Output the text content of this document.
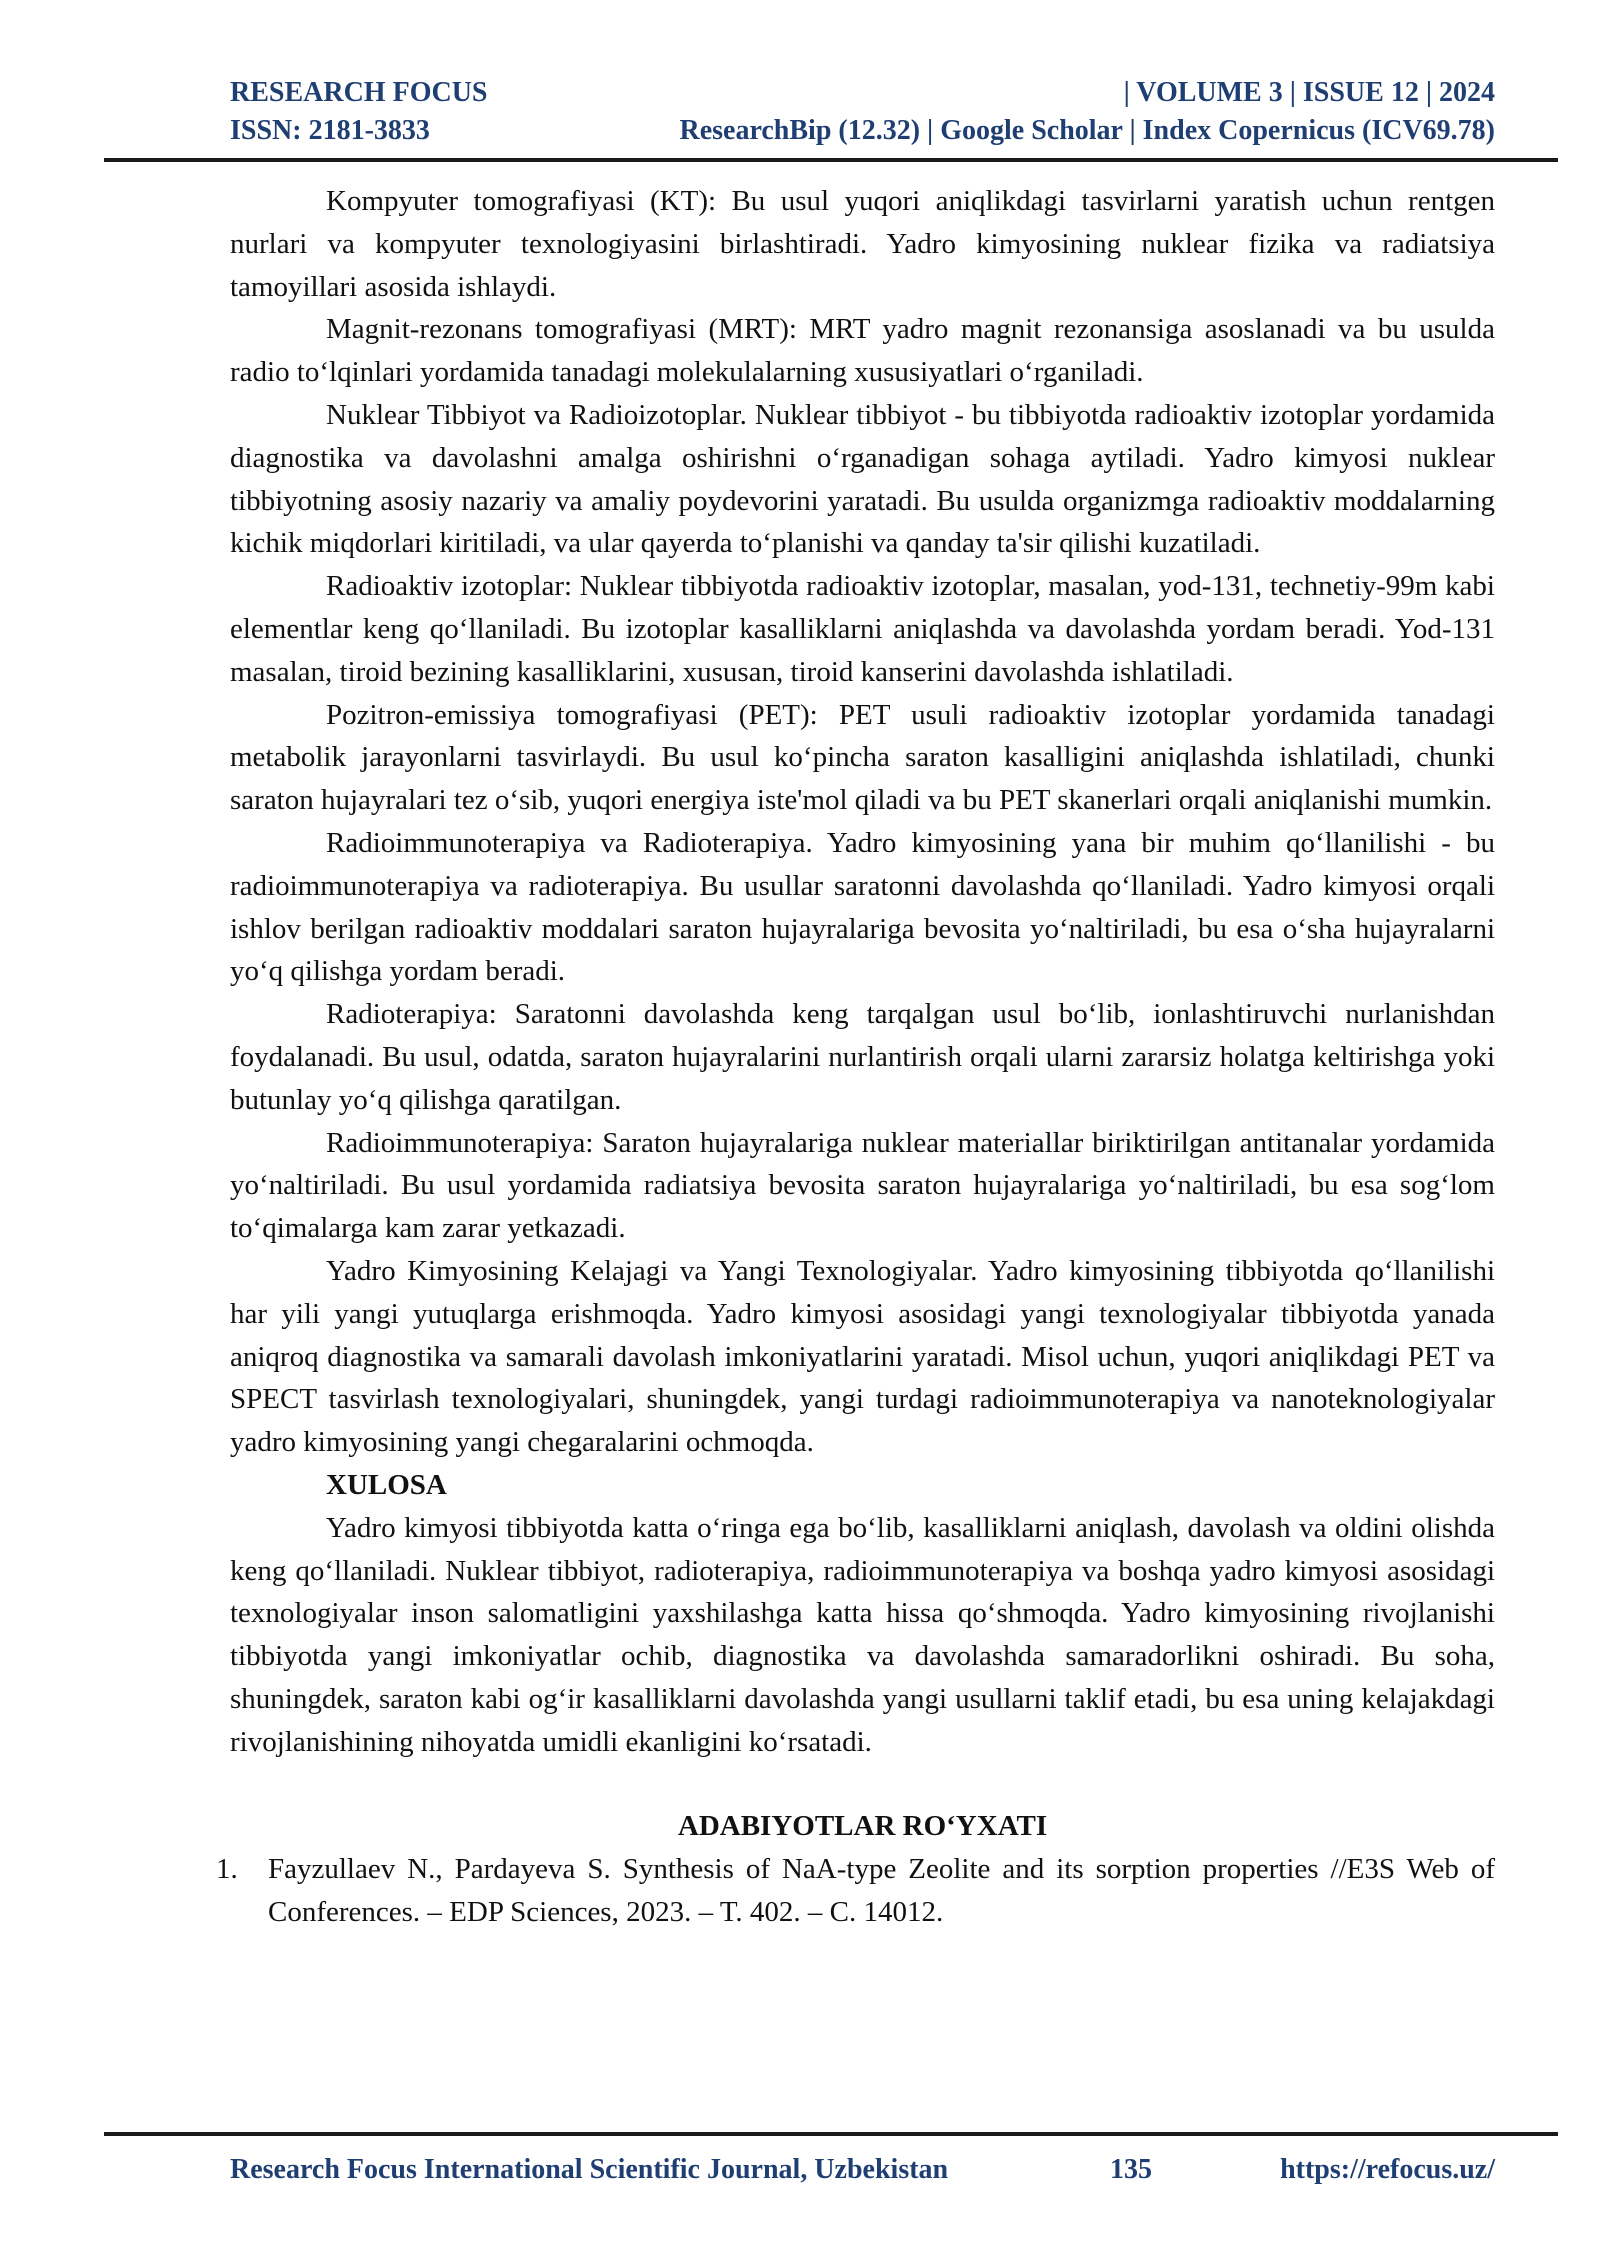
RESEARCH FOCUS	| VOLUME 3 | ISSUE 12 | 2024
ISSN: 2181-3833	ResearchBip (12.32) | Google Scholar | Index Copernicus (ICV69.78)

Kompyuter tomografiyasi (KT): Bu usul yuqori aniqlikdagi tasvirlarni yaratish uchun rentgen nurlari va kompyuter texnologiyasini birlashtiradi. Yadro kimyosining nuklear fizika va radiatsiya tamoyillari asosida ishlaydi.

Magnit-rezonans tomografiyasi (MRT): MRT yadro magnit rezonansiga asoslanadi va bu usulda radio to‘lqinlari yordamida tanadagi molekulalarning xususiyatlari o‘rganiladi.

Nuklear Tibbiyot va Radioizotoplar. Nuklear tibbiyot - bu tibbiyotda radioaktiv izotoplar yordamida diagnostika va davolashni amalga oshirishni o‘rganadigan sohaga aytiladi. Yadro kimyosi nuklear tibbiyotning asosiy nazariy va amaliy poydevorini yaratadi. Bu usulda organizmga radioaktiv moddalarning kichik miqdorlari kiritiladi, va ular qayerda to‘planishi va qanday ta'sir qilishi kuzatiladi.

Radioaktiv izotoplar: Nuklear tibbiyotda radioaktiv izotoplar, masalan, yod-131, technetiy-99m kabi elementlar keng qo‘llaniladi. Bu izotoplar kasalliklarni aniqlashda va davolashda yordam beradi. Yod-131 masalan, tiroid bezining kasalliklarini, xususan, tiroid kanserini davolashda ishlatiladi.

Pozitron-emissiya tomografiyasi (PET): PET usuli radioaktiv izotoplar yordamida tanadagi metabolik jarayonlarni tasvirlaydi. Bu usul ko‘pincha saraton kasalligini aniqlashda ishlatiladi, chunki saraton hujayralari tez o‘sib, yuqori energiya iste'mol qiladi va bu PET skanerlari orqali aniqlanishi mumkin.

Radioimmunoterapiya va Radioterapiya. Yadro kimyosining yana bir muhim qo‘llanilishi - bu radioimmunoterapiya va radioterapiya. Bu usullar saratonni davolashda qo‘llaniladi. Yadro kimyosi orqali ishlov berilgan radioaktiv moddalari saraton hujayralariga bevosita yo‘naltiriladi, bu esa o‘sha hujayralarni yo‘q qilishga yordam beradi.

Radioterapiya: Saratonni davolashda keng tarqalgan usul bo‘lib, ionlashtiruvchi nurlanishdan foydalanadi. Bu usul, odatda, saraton hujayralarini nurlantirish orqali ularni zararsiz holatga keltirishga yoki butunlay yo‘q qilishga qaratilgan.

Radioimmunoterapiya: Saraton hujayralariga nuklear materiallar biriktirilgan antitanalar yordamida yo‘naltiriladi. Bu usul yordamida radiatsiya bevosita saraton hujayralariga yo‘naltiriladi, bu esa sog‘lom to‘qimalarga kam zarar yetkazadi.

Yadro Kimyosining Kelajagi va Yangi Texnologiyalar. Yadro kimyosining tibbiyotda qo‘llanilishi har yili yangi yutuqlarga erishmoqda. Yadro kimyosi asosidagi yangi texnologiyalar tibbiyotda yanada aniqroq diagnostika va samarali davolash imkoniyatlarini yaratadi. Misol uchun, yuqori aniqlikdagi PET va SPECT tasvirlash texnologiyalari, shuningdek, yangi turdagi radioimmunoterapiya va nanoteknologiyalar yadro kimyosining yangi chegaralarini ochmoqda.

XULOSA

Yadro kimyosi tibbiyotda katta o‘ringa ega bo‘lib, kasalliklarni aniqlash, davolash va oldini olishda keng qo‘llaniladi. Nuklear tibbiyot, radioterapiya, radioimmunoterapiya va boshqa yadro kimyosi asosidagi texnologiyalar inson salomatligini yaxshilashga katta hissa qo‘shmoqda. Yadro kimyosining rivojlanishi tibbiyotda yangi imkoniyatlar ochib, diagnostika va davolashda samaradorlikni oshiradi. Bu soha, shuningdek, saraton kabi og‘ir kasalliklarni davolashda yangi usullarni taklif etadi, bu esa uning kelajakdagi rivojlanishining nihoyatda umidli ekanligini ko‘rsatadi.

ADABIYOTLAR RO‘YXATI
1. Fayzullaev N., Pardayeva S. Synthesis of NaA-type Zeolite and its sorption properties //E3S Web of Conferences. – EDP Sciences, 2023. – T. 402. – C. 14012.
Research Focus International Scientific Journal, Uzbekistan	135	https://refocus.uz/
